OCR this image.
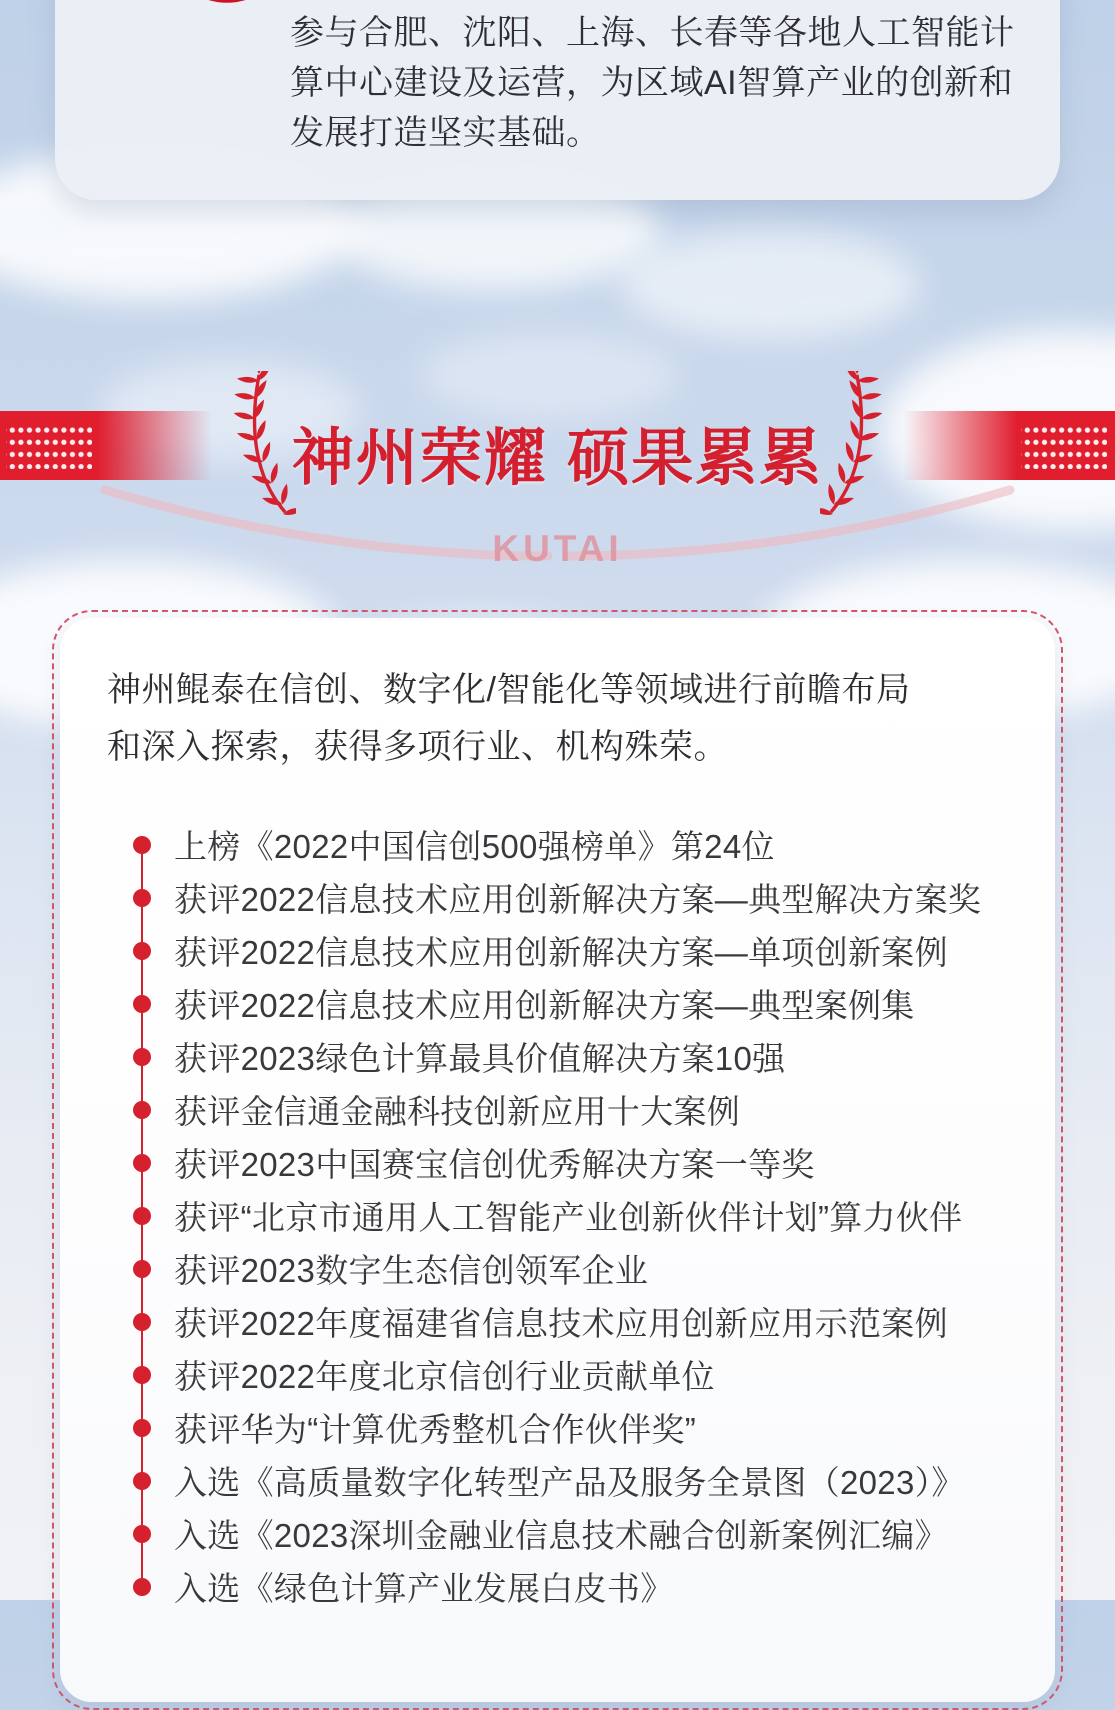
参与合肥、沈阳、上海、长春等各地人工智能计算中心建设及运营，为区域AI智算产业的创新和发展打造坚实基础。
神州荣耀 硕果累累
KUTAI
神州鲲泰在信创、数字化/智能化等领域进行前瞻布局和深入探索，获得多项行业、机构殊荣。
上榜《2022中国信创500强榜单》第24位
获评2022信息技术应用创新解决方案—典型解决方案奖
获评2022信息技术应用创新解决方案—单项创新案例
获评2022信息技术应用创新解决方案—典型案例集
获评2023绿色计算最具价值解决方案10强
获评金信通金融科技创新应用十大案例
获评2023中国赛宝信创优秀解决方案一等奖
获评“北京市通用人工智能产业创新伙伴计划”算力伙伴
获评2023数字生态信创领军企业
获评2022年度福建省信息技术应用创新应用示范案例
获评2022年度北京信创行业贡献单位
获评华为“计算优秀整机合作伙伴奖”
入选《高质量数字化转型产品及服务全景图（2023）》
入选《2023深圳金融业信息技术融合创新案例汇编》
入选《绿色计算产业发展白皮书》
